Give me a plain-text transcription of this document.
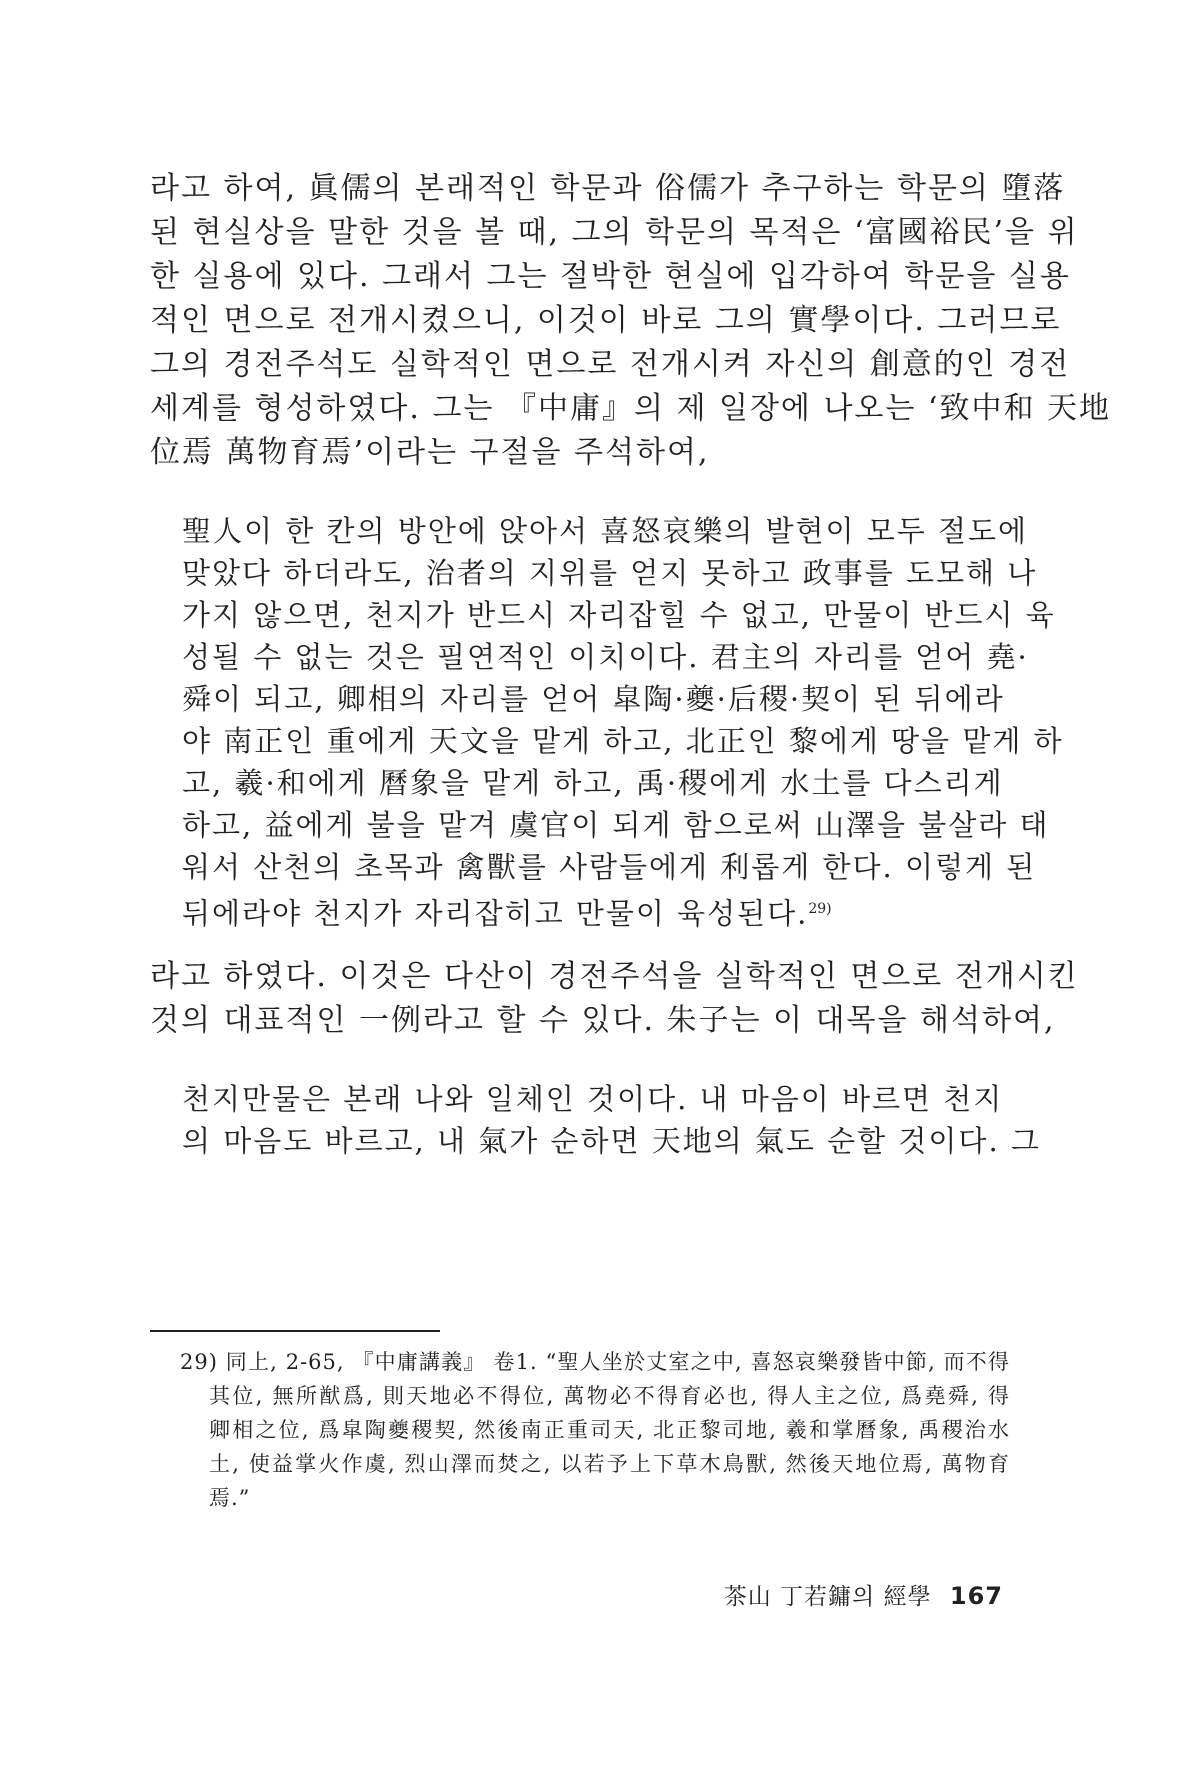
라고 하여, 眞儒의 본래적인 학문과 俗儒가 추구하는 학문의 墮落
된 현실상을 말한 것을 볼 때, 그의 학문의 목적은 ‘富國裕民’을 위
한 실용에 있다. 그래서 그는 절박한 현실에 입각하여 학문을 실용
적인 면으로 전개시켰으니, 이것이 바로 그의 實學이다. 그러므로
그의 경전주석도 실학적인 면으로 전개시켜 자신의 創意的인 경전
세계를 형성하였다. 그는 『中庸』의 제 일장에 나오는 ‘致中和 天地
位焉 萬物育焉’이라는 구절을 주석하여,
聖人이 한 칸의 방안에 앉아서 喜怒哀樂의 발현이 모두 절도에
맞았다 하더라도, 治者의 지위를 얻지 못하고 政事를 도모해 나
가지 않으면, 천지가 반드시 자리잡힐 수 없고, 만물이 반드시 육
성될 수 없는 것은 필연적인 이치이다. 君主의 자리를 얻어 堯·
舜이 되고, 卿相의 자리를 얻어 皐陶·夔·后稷·契이 된 뒤에라
야 南正인 重에게 天文을 맡게 하고, 北正인 黎에게 땅을 맡게 하
고, 羲·和에게 曆象을 맡게 하고, 禹·稷에게 水土를 다스리게
하고, 益에게 불을 맡겨 虞官이 되게 함으로써 山澤을 불살라 태
워서 산천의 초목과 禽獸를 사람들에게 利롭게 한다. 이렇게 된
뒤에라야 천지가 자리잡히고 만물이 육성된다.$^{29)}$
라고 하였다. 이것은 다산이 경전주석을 실학적인 면으로 전개시킨
것의 대표적인 一例라고 할 수 있다. 朱子는 이 대목을 해석하여,
천지만물은 본래 나와 일체인 것이다. 내 마음이 바르면 천지
의 마음도 바르고, 내 氣가 순하면 天地의 氣도 순할 것이다. 그
29) 同上, 2-65, 『中庸講義』 卷1. “聖人坐於丈室之中, 喜怒哀樂發皆中節, 而不得
其位, 無所猷爲, 則天地必不得位, 萬物必不得育必也, 得人主之位, 爲堯舜, 得
卿相之位, 爲皐陶夔稷契, 然後南正重司天, 北正黎司地, 羲和掌曆象, 禹稷治水
土, 使益掌火作虞, 烈山澤而焚之, 以若予上下草木鳥獸, 然後天地位焉, 萬物育
焉.”
茶山 丁若鏞의 經學 167
